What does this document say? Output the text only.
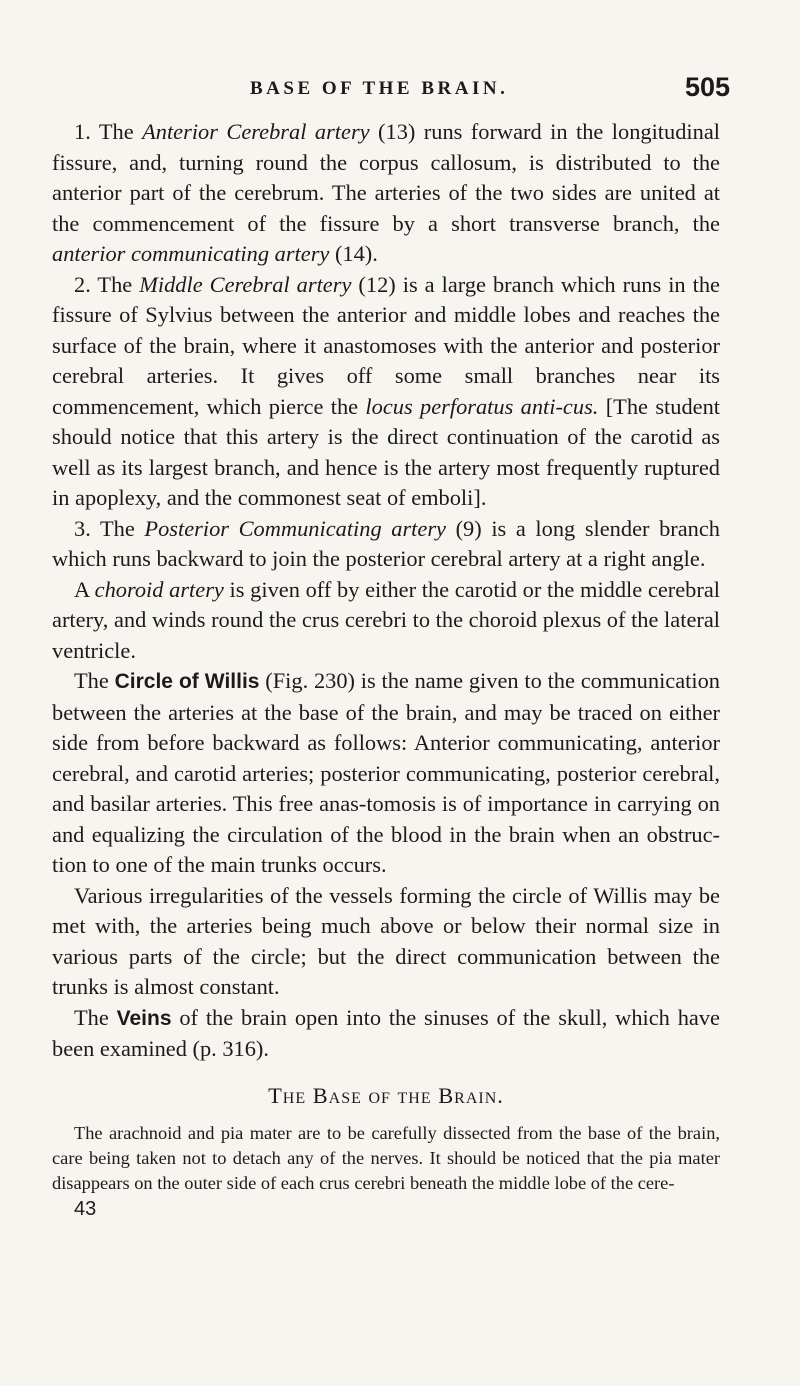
BASE OF THE BRAIN.	505

1. The Anterior Cerebral artery (13) runs forward in the longitudinal fissure, and, turning round the corpus callosum, is distributed to the anterior part of the cerebrum. The arteries of the two sides are united at the commencement of the fissure by a short transverse branch, the anterior communicating artery (14).

2. The Middle Cerebral artery (12) is a large branch which runs in the fissure of Sylvius between the anterior and middle lobes and reaches the surface of the brain, where it anastomoses with the anterior and posterior cerebral arteries. It gives off some small branches near its commencement, which pierce the locus perforatus anti-cus. [The student should notice that this artery is the direct continuation of the carotid as well as its largest branch, and hence is the artery most frequently ruptured in apoplexy, and the commonest seat of emboli].

3. The Posterior Communicating artery (9) is a long slender branch which runs backward to join the posterior cerebral artery at a right angle.

A choroid artery is given off by either the carotid or the middle cerebral artery, and winds round the crus cerebri to the choroid plexus of the lateral ventricle.

The Circle of Willis (Fig. 230) is the name given to the communication between the arteries at the base of the brain, and may be traced on either side from before backward as follows: Anterior communicating, anterior cerebral, and carotid arteries; posterior communicating, posterior cerebral, and basilar arteries. This free anas-tomosis is of importance in carrying on and equalizing the circulation of the blood in the brain when an obstruc-tion to one of the main trunks occurs.

Various irregularities of the vessels forming the circle of Willis may be met with, the arteries being much above or below their normal size in various parts of the circle; but the direct communication between the trunks is almost constant.

The Veins of the brain open into the sinuses of the skull, which have been examined (p. 316).

The Base of the Brain.

The arachnoid and pia mater are to be carefully dissected from the base of the brain, care being taken not to detach any of the nerves. It should be noticed that the pia mater disappears on the outer side of each crus cerebri beneath the middle lobe of the cere-

43
